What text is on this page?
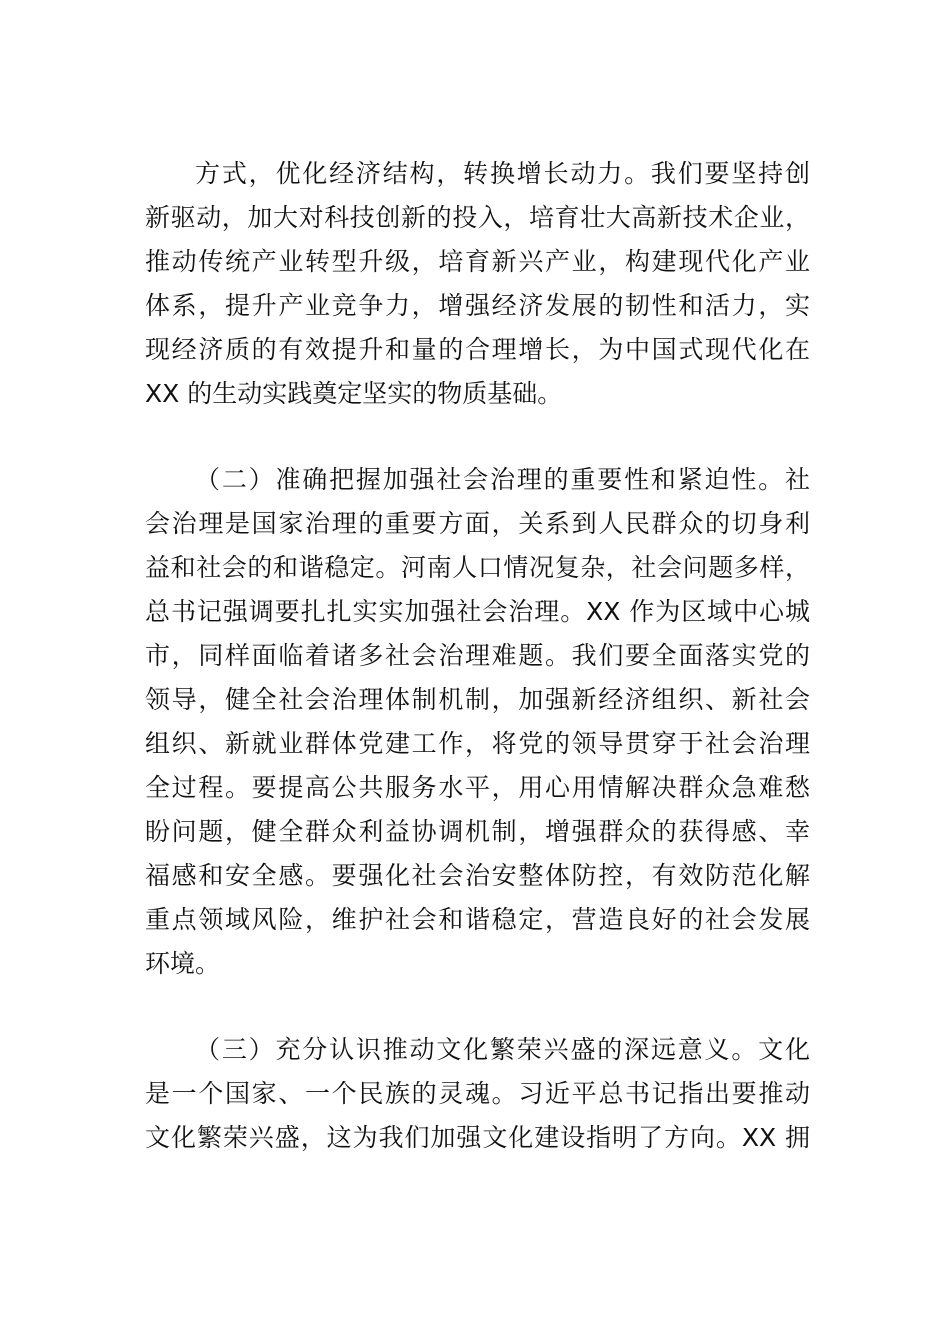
方式，优化经济结构，转换增长动力。我们要坚持创
新驱动，加大对科技创新的投入，培育壮大高新技术企业，
推动传统产业转型升级，培育新兴产业，构建现代化产业
体系，提升产业竞争力，增强经济发展的韧性和活力，实
现经济质的有效提升和量的合理增长，为中国式现代化在
XX 的生动实践奠定坚实的物质基础。
（二）准确把握加强社会治理的重要性和紧迫性。社
会治理是国家治理的重要方面，关系到人民群众的切身利
益和社会的和谐稳定。河南人口情况复杂，社会问题多样，
总书记强调要扎扎实实加强社会治理。XX 作为区域中心城
市，同样面临着诸多社会治理难题。我们要全面落实党的
领导，健全社会治理体制机制，加强新经济组织、新社会
组织、新就业群体党建工作，将党的领导贯穿于社会治理
全过程。要提高公共服务水平，用心用情解决群众急难愁
盼问题，健全群众利益协调机制，增强群众的获得感、幸
福感和安全感。要强化社会治安整体防控，有效防范化解
重点领域风险，维护社会和谐稳定，营造良好的社会发展
环境。
（三）充分认识推动文化繁荣兴盛的深远意义。文化
是一个国家、一个民族的灵魂。习近平总书记指出要推动
文化繁荣兴盛，这为我们加强文化建设指明了方向。XX 拥
